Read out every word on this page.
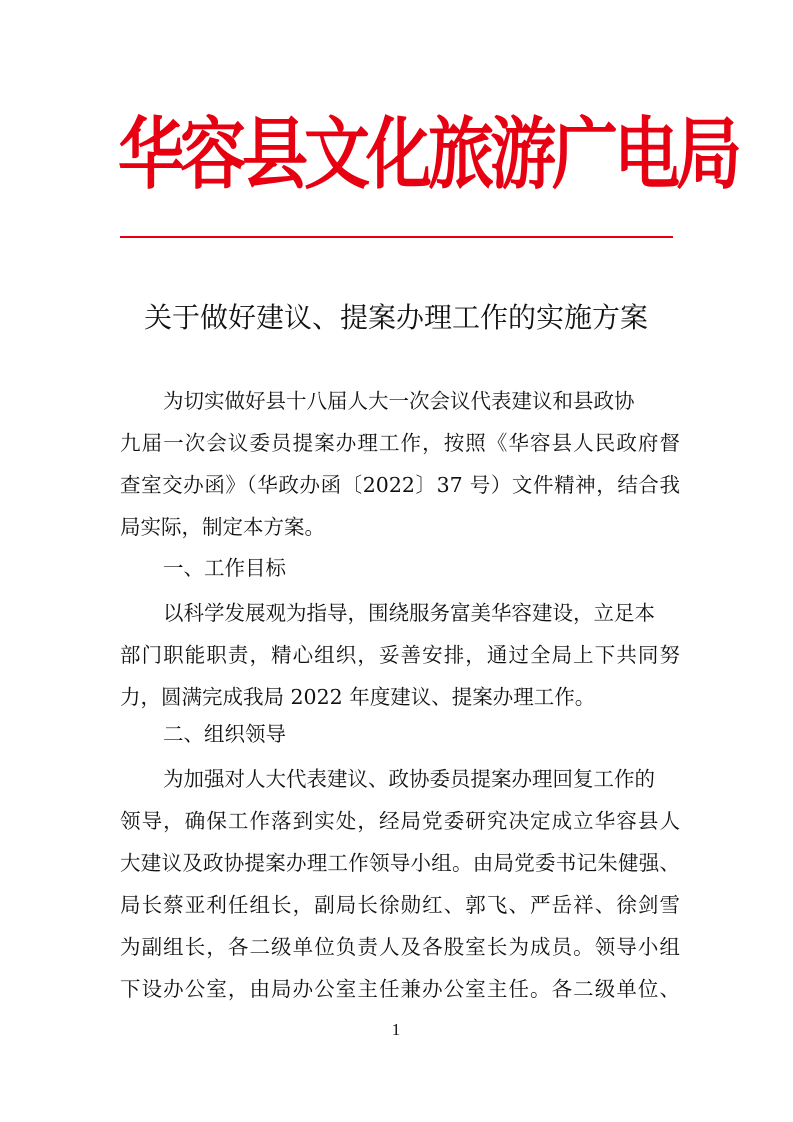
华容县文化旅游广电局
关于做好建议、提案办理工作的实施方案
为切实做好县十八届人大一次会议代表建议和县政协
九届一次会议委员提案办理工作，按照《华容县人民政府督
查室交办函》（华政办函〔2022〕37 号）文件精神，结合我
局实际，制定本方案。
一、工作目标
以科学发展观为指导，围绕服务富美华容建设，立足本
部门职能职责，精心组织，妥善安排，通过全局上下共同努
力，圆满完成我局 2022 年度建议、提案办理工作。
二、组织领导
为加强对人大代表建议、政协委员提案办理回复工作的
领导，确保工作落到实处，经局党委研究决定成立华容县人
大建议及政协提案办理工作领导小组。由局党委书记朱健强、
局长蔡亚利任组长，副局长徐勋红、郭飞、严岳祥、徐剑雪
为副组长，各二级单位负责人及各股室长为成员。领导小组
下设办公室，由局办公室主任兼办公室主任。各二级单位、
1
